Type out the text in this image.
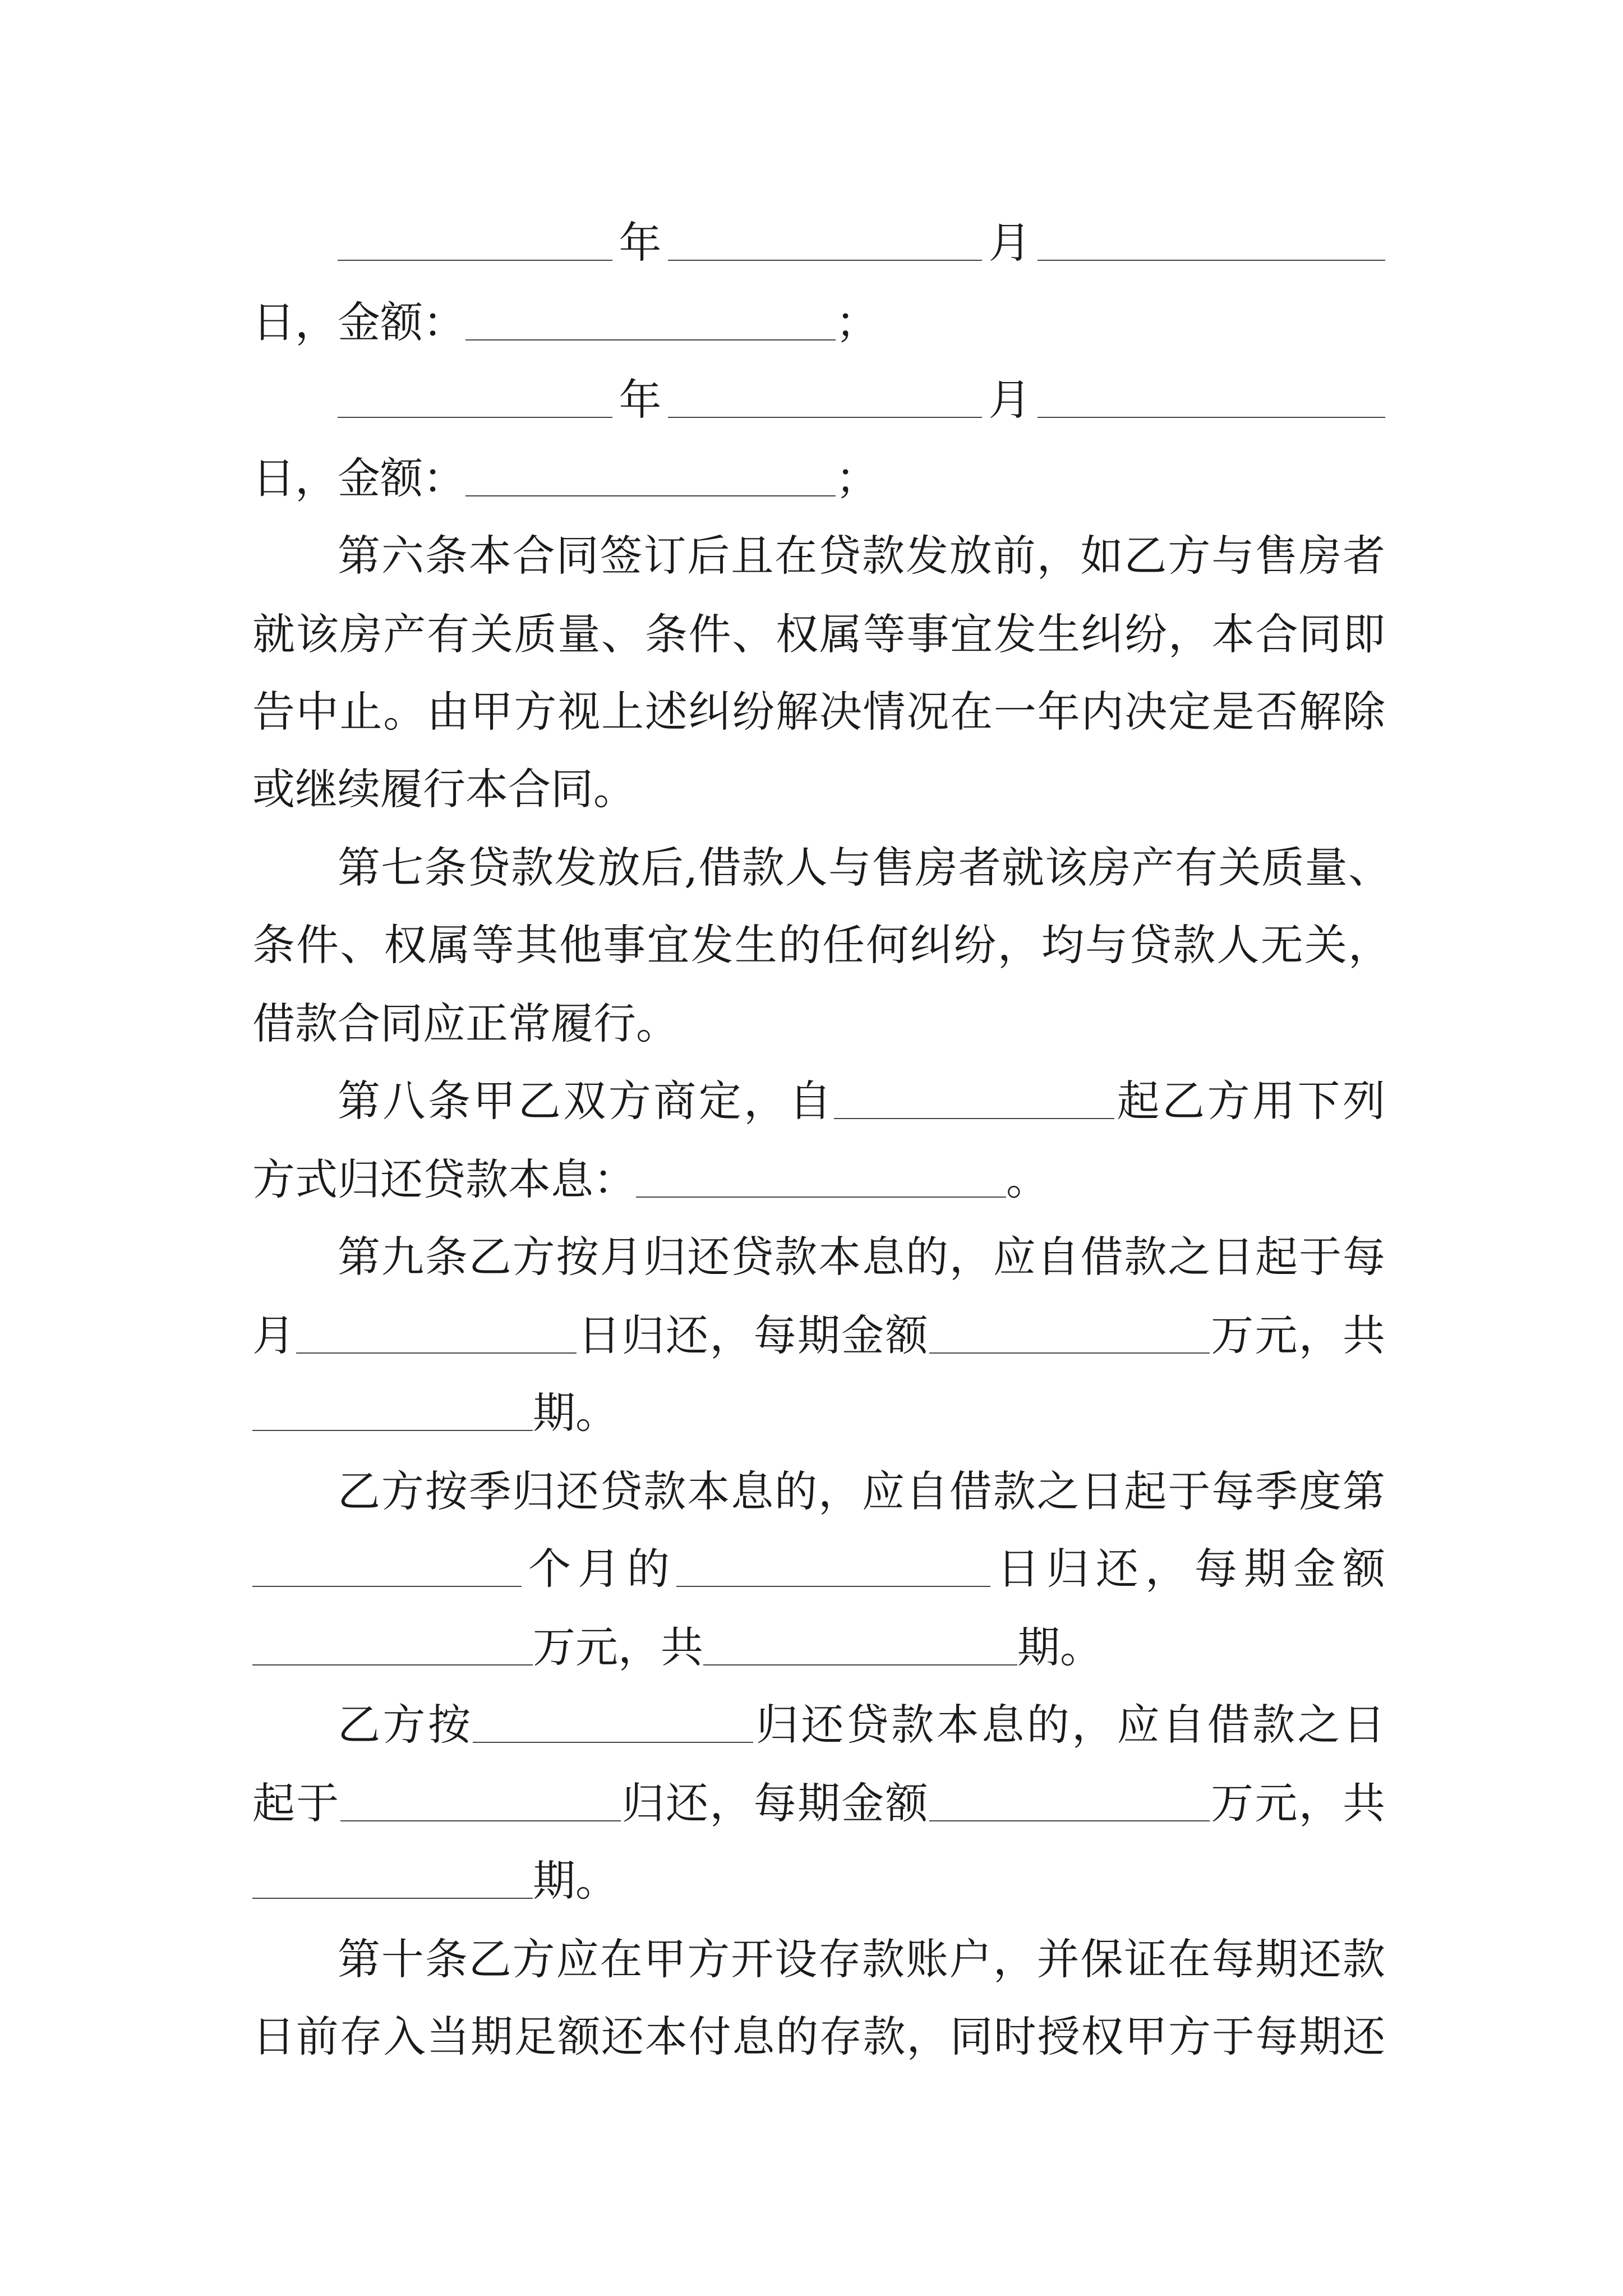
年	月
日，金额：	；
年	月
日，金额：	；
第六条本合同签订后且在贷款发放前，如乙方与售房者
就该房产有关质量、条件、权属等事宜发生纠纷，本合同即
告中止。由甲方视上述纠纷解决情况在一年内决定是否解除
或继续履行本合同。
第七条贷款发放后,借款人与售房者就该房产有关质量、
条件、权属等其他事宜发生的任何纠纷，均与贷款人无关，
借款合同应正常履行。
第八条甲乙双方商定，自	起乙方用下列
方式归还贷款本息：	。
第九条乙方按月归还贷款本息的，应自借款之日起于每
月	日归还，每期金额	万元，共
期。
乙方按季归还贷款本息的，应自借款之日起于每季度第
个月的	日归还，每期金额
万元，共	期。
乙方按	归还贷款本息的，应自借款之日
起于	归还，每期金额	万元，共
期。
第十条乙方应在甲方开设存款账户，并保证在每期还款
日前存入当期足额还本付息的存款，同时授权甲方于每期还
